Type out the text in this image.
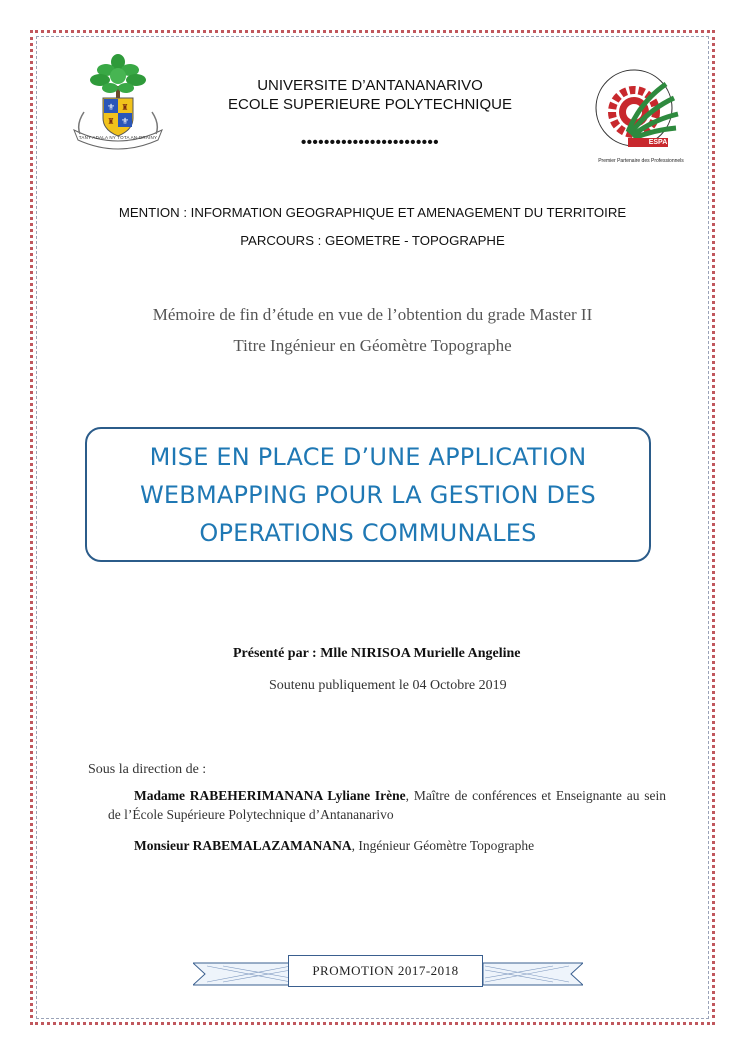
⚜
⚜
♜
♜
TANY ADALA NY TOTA AN-DRAINY
UNIVERSITE D’ANTANANARIVO
ECOLE SUPERIEURE POLYTECHNIQUE
••••••••••••••••••••••••	ESPA
Premier Partenaire des Professionnels
MENTION : INFORMATION GEOGRAPHIQUE ET AMENAGEMENT DU TERRITOIRE
PARCOURS : GEOMETRE - TOPOGRAPHE
Mémoire de fin d’étude en vue de l’obtention du grade Master II
Titre Ingénieur en Géomètre Topographe
MISE EN PLACE D’UNE APPLICATION
WEBMAPPING POUR LA GESTION DES
OPERATIONS COMMUNALES
Présenté par : Mlle NIRISOA Murielle Angeline
Soutenu publiquement le 04 Octobre 2019
Sous la direction de :
Madame RABEHERIMANANA Lyliane Irène, Maître de conférences et Enseignante au sein de l’École Supérieure Polytechnique d’Antananarivo
Monsieur RABEMALAZAMANANA, Ingénieur Géomètre Topographe
PROMOTION 2017-2018
